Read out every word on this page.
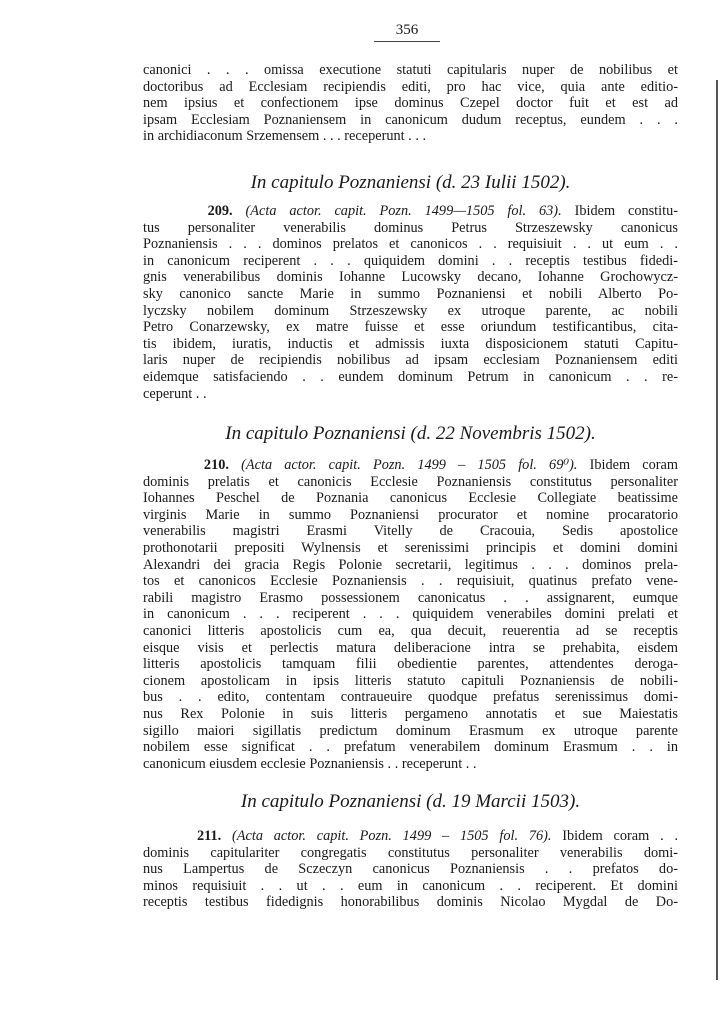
356
canonici . . . omissa executione statuti capitularis nuper de nobilibus et
doctoribus ad Ecclesiam recipiendis editi, pro hac vice, quia ante editio-
nem ipsius et confectionem ipse dominus Czepel doctor fuit et est ad
ipsam Ecclesiam Poznaniensem in canonicum dudum receptus, eundem . . .
in archidiaconum Srzemensem . . . receperunt . . .
In capitulo Poznaniensi (d. 23 Iulii 1502).
209. (Acta actor. capit. Pozn. 1499—1505 fol. 63). Ibidem constitu-
tus personaliter venerabilis dominus Petrus Strzeszewsky canonicus
Poznaniensis . . . dominos prelatos et canonicos . . requisiuit . . ut eum . .
in canonicum reciperent . . . quiquidem domini . . receptis testibus fidedi-
gnis venerabilibus dominis Iohanne Lucowsky decano, Iohanne Grochowycz-
sky canonico sancte Marie in summo Poznaniensi et nobili Alberto Po-
lyczsky nobilem dominum Strzeszewsky ex utroque parente, ac nobili
Petro Conarzewsky, ex matre fuisse et esse oriundum testificantibus, cita-
tis ibidem, iuratis, inductis et admissis iuxta disposicionem statuti Capitu-
laris nuper de recipiendis nobilibus ad ipsam ecclesiam Poznaniensem editi
eidemque satisfaciendo . . eundem dominum Petrum in canonicum . . re-
ceperunt . .
In capitulo Poznaniensi (d. 22 Novembris 1502).
210. (Acta actor. capit. Pozn. 1499 – 1505 fol. 69⁰). Ibidem coram
dominis prelatis et canonicis Ecclesie Poznaniensis constitutus personaliter
Iohannes Peschel de Poznania canonicus Ecclesie Collegiate beatissime
virginis Marie in summo Poznaniensi procurator et nomine procaratorio
venerabilis magistri Erasmi Vitelly de Cracouia, Sedis apostolice
prothonotarii prepositi Wylnensis et serenissimi principis et domini domini
Alexandri dei gracia Regis Polonie secretarii, legitimus . . . dominos prela-
tos et canonicos Ecclesie Poznaniensis . . requisiuit, quatinus prefato vene-
rabili magistro Erasmo possessionem canonicatus . . assignarent, eumque
in canonicum . . . reciperent . . . quiquidem venerabiles domini prelati et
canonici litteris apostolicis cum ea, qua decuit, reuerentia ad se receptis
eisque visis et perlectis matura deliberacione intra se prehabita, eisdem
litteris apostolicis tamquam filii obedientie parentes, attendentes deroga-
cionem apostolicam in ipsis litteris statuto capituli Poznaniensis de nobili-
bus . . edito, contentam contraueuire quodque prefatus serenissimus domi-
nus Rex Polonie in suis litteris pergameno annotatis et sue Maiestatis
sigillo maiori sigillatis predictum dominum Erasmum ex utroque parente
nobilem esse significat . . prefatum venerabilem dominum Erasmum . . in
canonicum eiusdem ecclesie Poznaniensis . . receperunt . .
In capitulo Poznaniensi (d. 19 Marcii 1503).
211. (Acta actor. capit. Pozn. 1499 – 1505 fol. 76). Ibidem coram . .
dominis capitulariter congregatis constitutus personaliter venerabilis domi-
nus Lampertus de Sczeczyn canonicus Poznaniensis . . prefatos do-
minos requisiuit . . ut . . eum in canonicum . . reciperent. Et domini
receptis testibus fidedignis honorabilibus dominis Nicolao Mygdal de Do-
